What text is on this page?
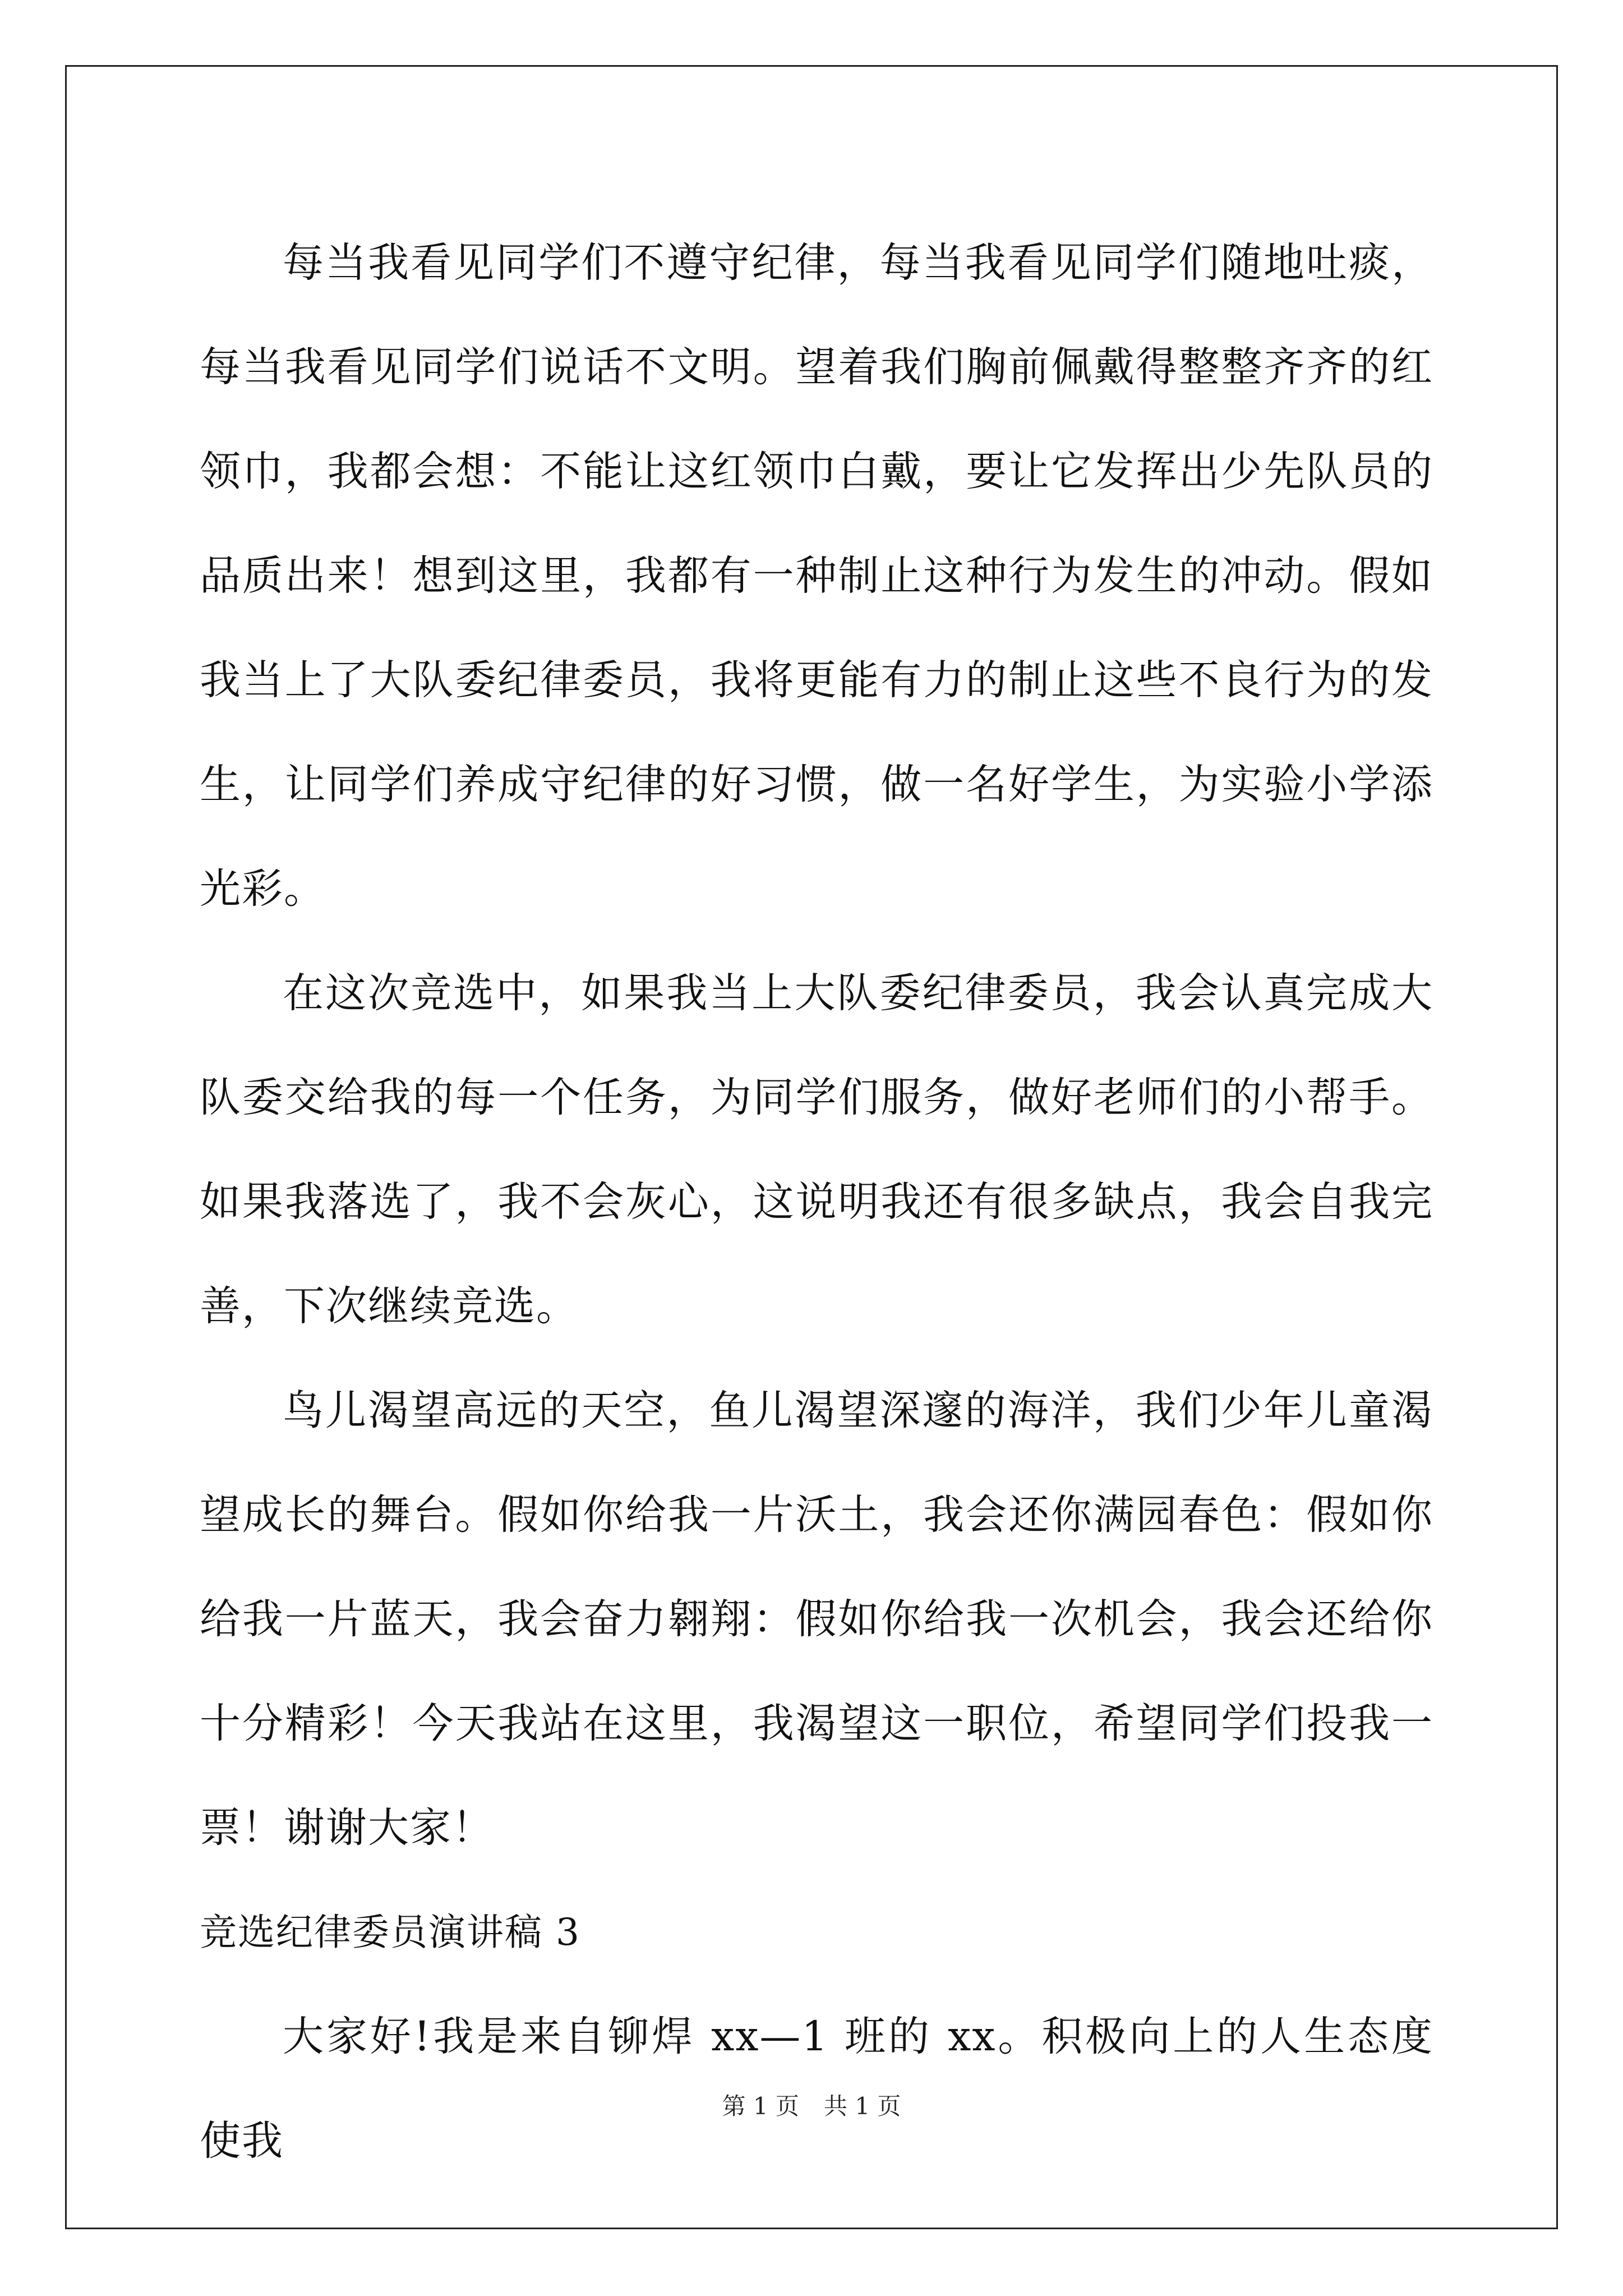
每当我看见同学们不遵守纪律，每当我看见同学们随地吐痰，每当我看见同学们说话不文明。望着我们胸前佩戴得整整齐齐的红领巾，我都会想：不能让这红领巾白戴，要让它发挥出少先队员的品质出来！想到这里，我都有一种制止这种行为发生的冲动。假如我当上了大队委纪律委员，我将更能有力的制止这些不良行为的发生，让同学们养成守纪律的好习惯，做一名好学生，为实验小学添光彩。

在这次竞选中，如果我当上大队委纪律委员，我会认真完成大队委交给我的每一个任务，为同学们服务，做好老师们的小帮手。如果我落选了，我不会灰心，这说明我还有很多缺点，我会自我完善，下次继续竞选。

鸟儿渴望高远的天空，鱼儿渴望深邃的海洋，我们少年儿童渴望成长的舞台。假如你给我一片沃土，我会还你满园春色：假如你给我一片蓝天，我会奋力翱翔：假如你给我一次机会，我会还给你十分精彩！今天我站在这里，我渴望这一职位，希望同学们投我一票！谢谢大家！

竞选纪律委员演讲稿 3

大家好!我是来自铆焊 xx—1 班的 xx。积极向上的人生态度使我

第 1 页 共 1 页
